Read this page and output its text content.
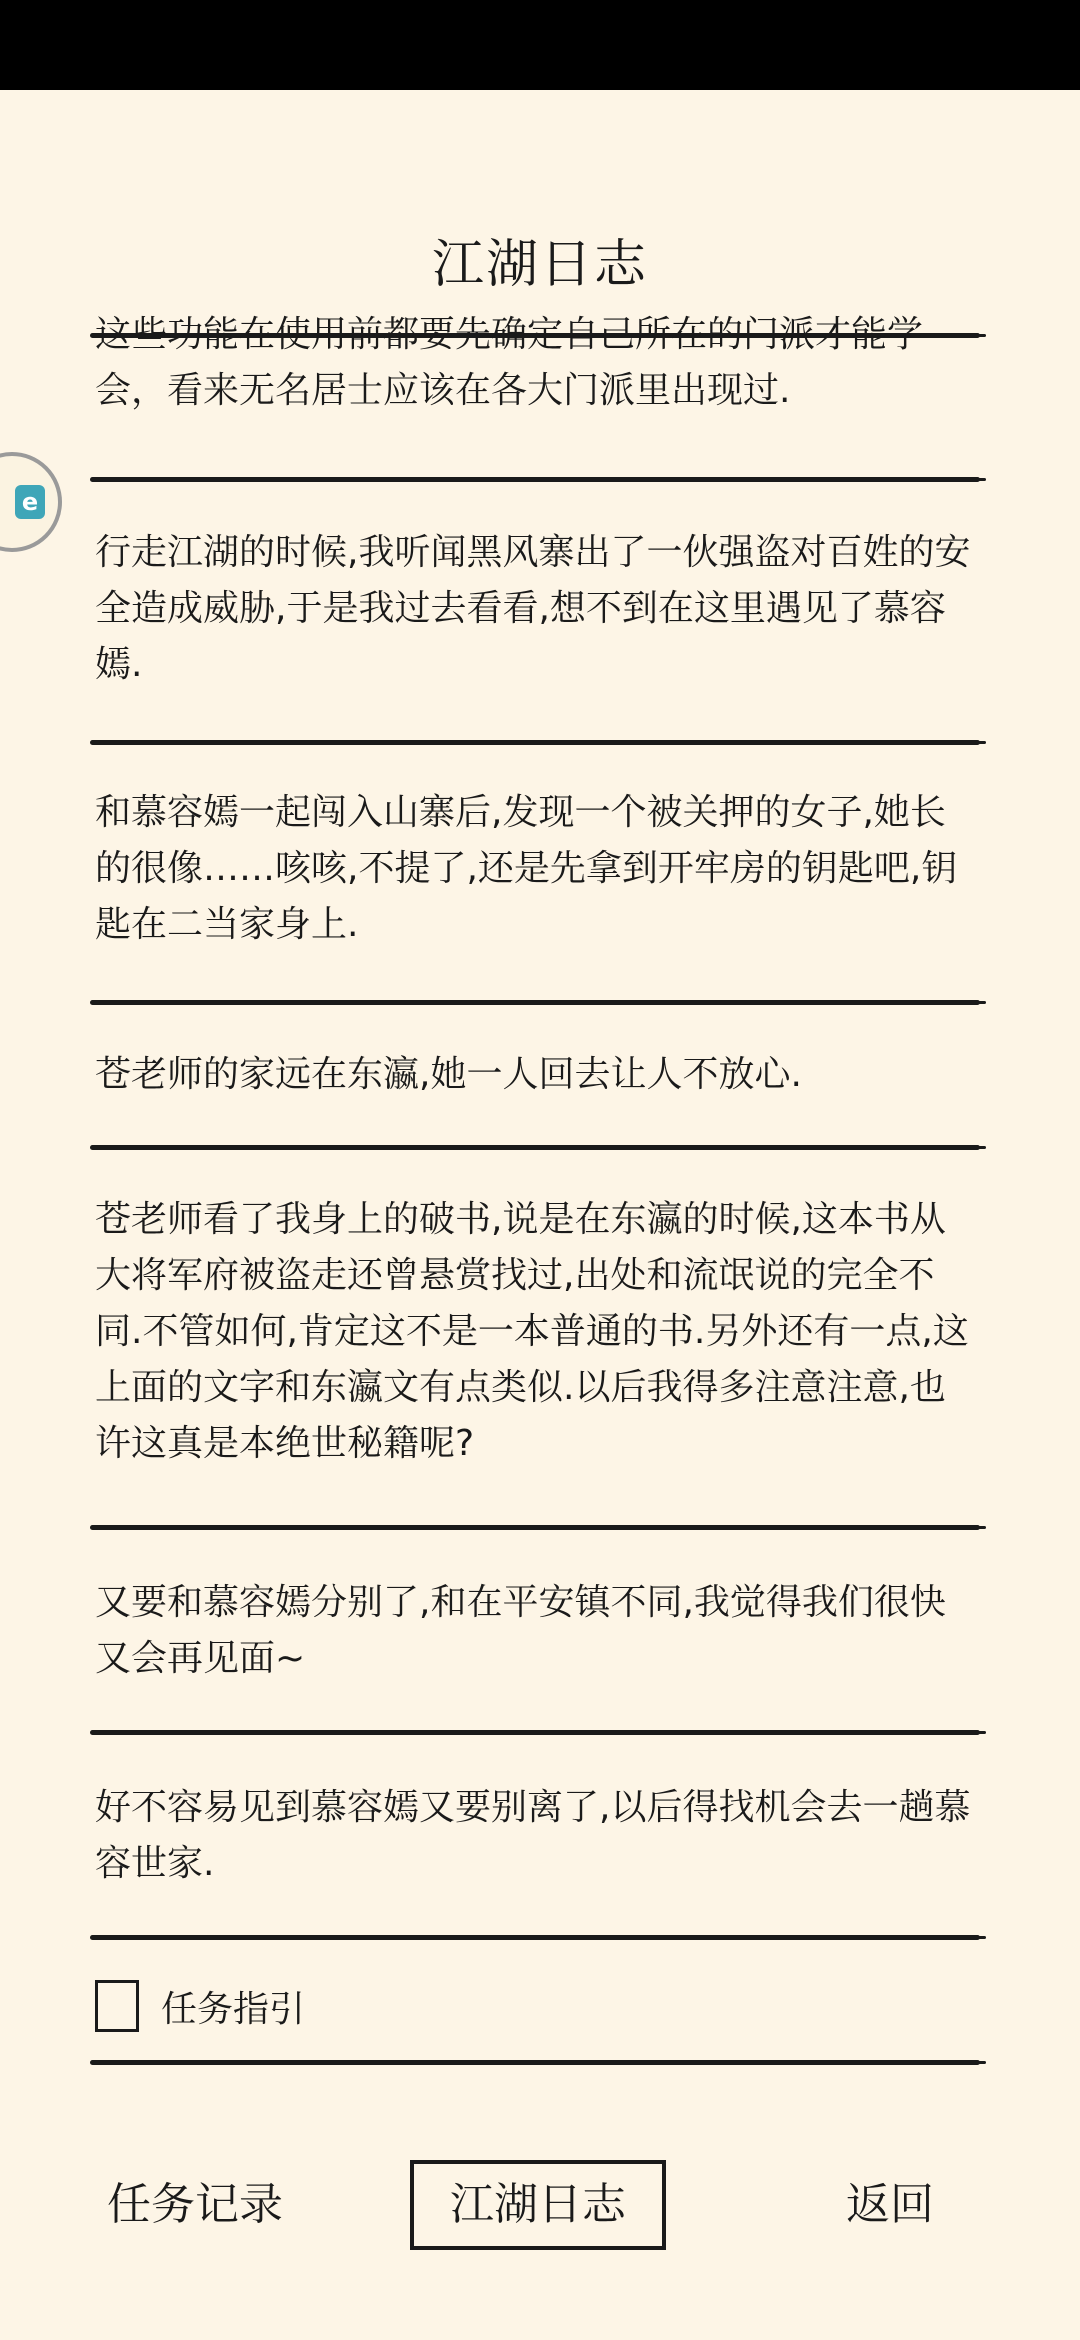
江湖日志
这些功能在使用前都要先确定自己所在的门派才能学会，看来无名居士应该在各大门派里出现过.
行走江湖的时候,我听闻黑风寨出了一伙强盗对百姓的安全造成威胁,于是我过去看看,想不到在这里遇见了慕容嫣.
和慕容嫣一起闯入山寨后,发现一个被关押的女子,她长的很像……咳咳,不提了,还是先拿到开牢房的钥匙吧,钥匙在二当家身上.
苍老师的家远在东瀛,她一人回去让人不放心.
苍老师看了我身上的破书,说是在东瀛的时候,这本书从大将军府被盗走还曾悬赏找过,出处和流氓说的完全不同.不管如何,肯定这不是一本普通的书.另外还有一点,这上面的文字和东瀛文有点类似.以后我得多注意注意,也许这真是本绝世秘籍呢?
又要和慕容嫣分别了,和在平安镇不同,我觉得我们很快又会再见面~
好不容易见到慕容嫣又要别离了,以后得找机会去一趟慕容世家.
e
任务指引
任务记录	江湖日志	返回
